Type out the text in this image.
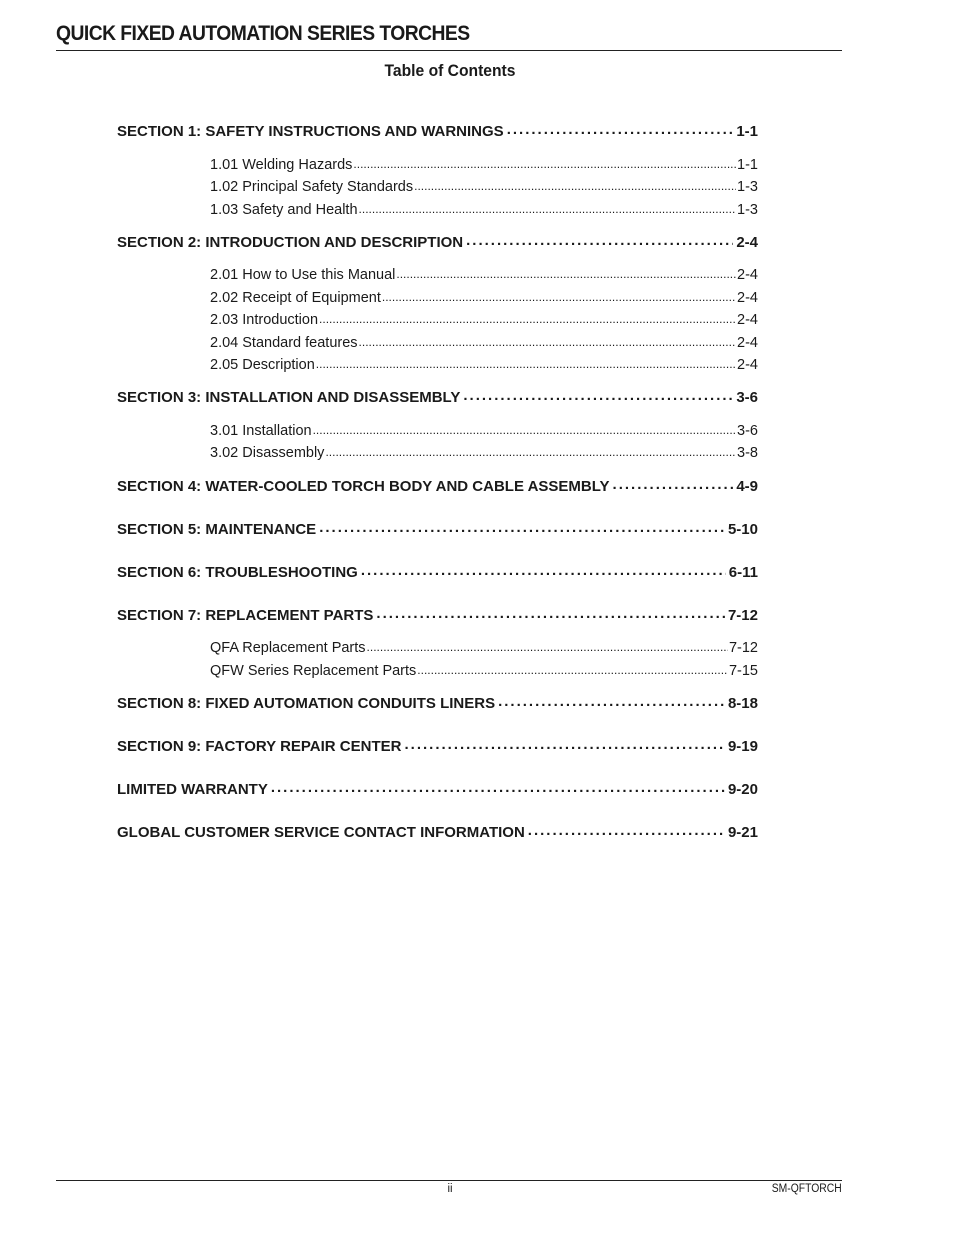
QUICK FIXED AUTOMATION SERIES TORCHES
Table of Contents
SECTION 1: SAFETY INSTRUCTIONS AND WARNINGS .....	1-1
1.01 Welding Hazards .....	1-1
1.02 Principal Safety Standards .....	1-3
1.03 Safety and Health .....	1-3
SECTION 2: INTRODUCTION AND DESCRIPTION .....	2-4
2.01 How to Use this Manual .....	2-4
2.02 Receipt of Equipment .....	2-4
2.03 Introduction .....	2-4
2.04 Standard features .....	2-4
2.05 Description .....	2-4
SECTION 3: INSTALLATION AND DISASSEMBLY .....	3-6
3.01 Installation .....	3-6
3.02 Disassembly .....	3-8
SECTION 4: WATER-COOLED TORCH BODY AND CABLE ASSEMBLY .....	4-9
SECTION 5: MAINTENANCE .....	5-10
SECTION 6: TROUBLESHOOTING .....	6-11
SECTION 7: REPLACEMENT PARTS .....	7-12
QFA Replacement Parts .....	7-12
QFW Series Replacement Parts .....	7-15
SECTION 8: FIXED AUTOMATION CONDUITS LINERS .....	8-18
SECTION 9: FACTORY REPAIR CENTER .....	9-19
LIMITED WARRANTY .....	9-20
GLOBAL CUSTOMER SERVICE CONTACT INFORMATION .....	9-21
ii	SM-QFTORCH
